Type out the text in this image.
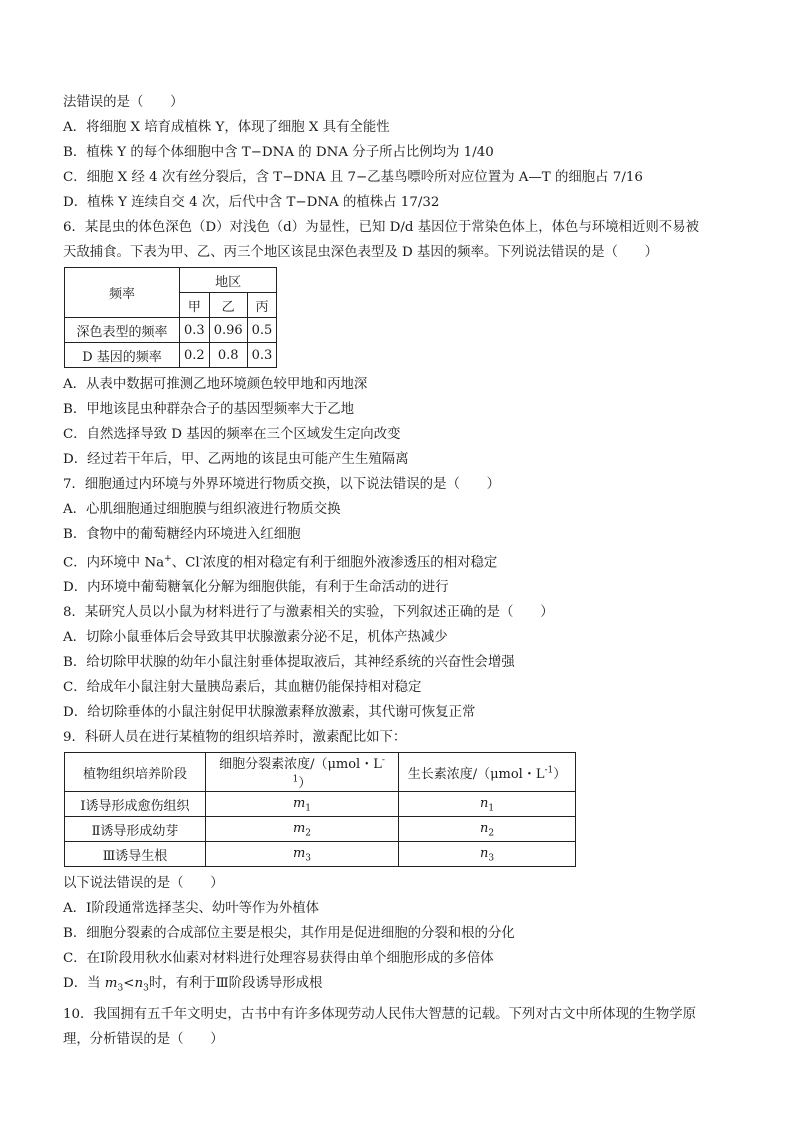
法错误的是（　　）
A．将细胞 X 培育成植株 Y，体现了细胞 X 具有全能性
B．植株 Y 的每个体细胞中含 T−DNA 的 DNA 分子所占比例均为 1/40
C．细胞 X 经 4 次有丝分裂后，含 T−DNA 且 7−乙基鸟嘌呤所对应位置为 A—T 的细胞占 7/16
D．植株 Y 连续自交 4 次，后代中含 T−DNA 的植株占 17/32
6．某昆虫的体色深色（D）对浅色（d）为显性，已知 D/d 基因位于常染色体上，体色与环境相近则不易被
天敌捕食。下表为甲、乙、丙三个地区该昆虫深色表型及 D 基因的频率。下列说法错误的是（　　）
频率	地区		
	甲	乙	丙
深色表型的频率	0.3	0.96	0.5
D 基因的频率	0.2	0.8	0.3
A．从表中数据可推测乙地环境颜色较甲地和丙地深
B．甲地该昆虫种群杂合子的基因型频率大于乙地
C．自然选择导致 D 基因的频率在三个区域发生定向改变
D．经过若干年后，甲、乙两地的该昆虫可能产生生殖隔离
7．细胞通过内环境与外界环境进行物质交换，以下说法错误的是（　　）
A．心肌细胞通过细胞膜与组织液进行物质交换
B．食物中的葡萄糖经内环境进入红细胞
C．内环境中 Na+、Cl-浓度的相对稳定有利于细胞外液渗透压的相对稳定
D．内环境中葡萄糖氧化分解为细胞供能，有利于生命活动的进行
8．某研究人员以小鼠为材料进行了与激素相关的实验，下列叙述正确的是（　　）
A．切除小鼠垂体后会导致其甲状腺激素分泌不足，机体产热减少
B．给切除甲状腺的幼年小鼠注射垂体提取液后，其神经系统的兴奋性会增强
C．给成年小鼠注射大量胰岛素后，其血糖仍能保持相对稳定
D．给切除垂体的小鼠注射促甲状腺激素释放激素，其代谢可恢复正常
9．科研人员在进行某植物的组织培养时，激素配比如下：
植物组织培养阶段	细胞分裂素浓度/（μmol・$L^{-1}$）	生长素浓度/（μmol・$L^{-1}$）
Ⅰ诱导形成愈伤组织	$m_1$	$n_1$
Ⅱ诱导形成幼芽	$m_2$	$n_2$
Ⅲ诱导生根	$m_3$	$n_3$
以下说法错误的是（　　）
A．Ⅰ阶段通常选择茎尖、幼叶等作为外植体
B．细胞分裂素的合成部位主要是根尖，其作用是促进细胞的分裂和根的分化
C．在Ⅰ阶段用秋水仙素对材料进行处理容易获得由单个细胞形成的多倍体
D．当 $m_3<n_3$时，有利于Ⅲ阶段诱导形成根
10．我国拥有五千年文明史，古书中有许多体现劳动人民伟大智慧的记载。下列对古文中所体现的生物学原
理，分析错误的是（　　）
